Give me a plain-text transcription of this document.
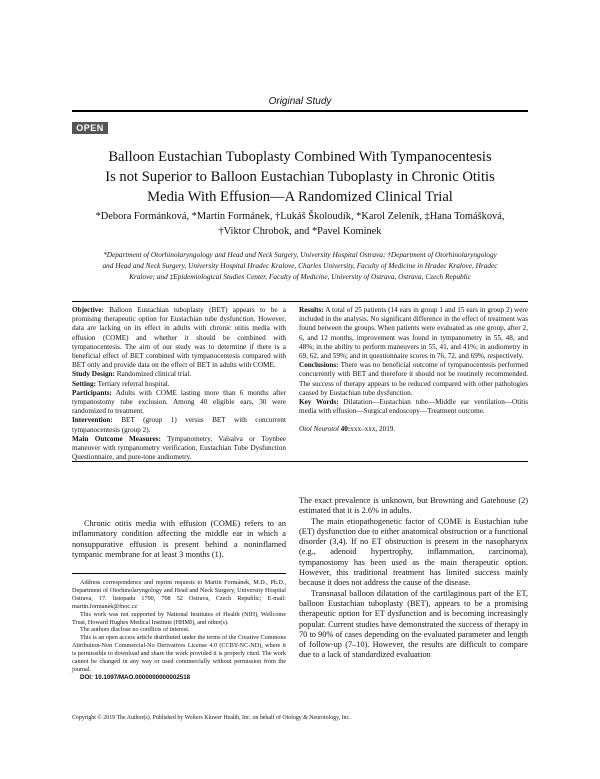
Original Study
OPEN
Balloon Eustachian Tuboplasty Combined With Tympanocentesis
Is not Superior to Balloon Eustachian Tuboplasty in Chronic Otitis
Media With Effusion—A Randomized Clinical Trial
*Debora Formánková, *Martin Formánek, †Lukáš Školoudík, *Karol Zeleník, ‡Hana Tomášková,
†Viktor Chrobok, and *Pavel Komínek
*Department of Otorhinolaryngology and Head and Neck Surgery, University Hospital Ostrava; †Department of Otorhinolaryngology
and Head and Neck Surgery, University Hospital Hradec Kralove, Charles University, Faculty of Medicine in Hradec Kralove, Hradec
Kralove; and ‡Epidemiological Studies Center, Faculty of Medicine, University of Ostrava, Ostrava, Czech Republic

Objective: Balloon Eustachian tuboplasty (BET) appears to be a promising therapeutic option for Eustachian tube dysfunction. However, data are lacking on its effect in adults with chronic otitis media with effusion (COME) and whether it should be combined with tympanocentesis. The aim of our study was to determine if there is a beneficial effect of BET combined with tympanocentesis compared with BET only and provide data on the effect of BET in adults with COME.

Study Design: Randomized clinical trial.

Setting: Tertiary referral hospital.

Participants: Adults with COME lasting more than 6 months after tympanostomy tube exclusion. Among 40 eligible ears, 30 were randomized to treatment.

Intervention: BET (group 1) versus BET with concurrent tympanocentesis (group 2).

Main Outcome Measures: Tympanometry, Valsalva or Toynbee maneuver with tympanometry verification, Eustachian Tube Dysfunction Questionnaire, and pure-tone audiometry.

Results: A total of 25 patients (14 ears in group 1 and 15 ears in group 2) were included in the analysis. No significant difference in the effect of treatment was found between the groups. When patients were evaluated as one group, after 2, 6, and 12 months, improvement was found in tympanometry in 55, 48, and 48%; in the ability to perform maneuvers in 55, 41, and 41%; in audiometry in 69, 62, and 59%; and in questionnaire scores in 76, 72, and 69%, respectively.

Conclusions: There was no beneficial outcome of tympanocentesis performed concurrently with BET and therefore it should not be routinely recommended. The success of therapy appears to be reduced compared with other pathologies caused by Eustachian tube dysfunction.

Key Words: Dilatation—Eustachian tube—Middle ear ventilation—Otitis media with effusion—Surgical endoscopy—Treatment outcome.

Otol Neurotol 40:xxx–xxx, 2019.

Chronic otitis media with effusion (COME) refers to an inflammatory condition affecting the middle ear in which a nonsuppurative effusion is present behind a noninflamed tympanic membrane for at least 3 months (1).

Address correspondence and reprint requests to Martin Formánek, M.D., Ph.D., Department of Otorhinolaryngology and Head and Neck Surgery, University Hospital Ostrava, 17. listopadu 1790, 708 52 Ostrava, Czech Republic; E-mail: martin.formanek@fnoc.cz

This work was not supported by National Institutes of Health (NIH), Wellcome Trust, Howard Hughes Medical Institute (HHMI), and other(s).

The authors disclose no conflicts of interest.

This is an open access article distributed under the terms of the Creative Commons Attribution-Non Commercial-No Derivatives License 4.0 (CCBY-NC-ND), where it is permissible to download and share the work provided it is properly cited. The work cannot be changed in any way or used commercially without permission from the journal.

DOI: 10.1097/MAO.0000000000002518

The exact prevalence is unknown, but Browning and Gatehouse (2) estimated that it is 2.6% in adults.

The main etiopathogenetic factor of COME is Eustachian tube (ET) dysfunction due to either anatomical obstruction or a functional disorder (3,4). If no ET obstruction is present in the nasopharynx (e.g., adenoid hypertrophy, inflammation, carcinoma), tympanostomy has been used as the main therapeutic option. However, this traditional treatment has limited success mainly because it does not address the cause of the disease.

Transnasal balloon dilatation of the cartilaginous part of the ET, balloon Eustachian tuboplasty (BET), appears to be a promising therapeutic option for ET dysfunction and is becoming increasingly popular. Current studies have demonstrated the success of therapy in 70 to 90% of cases depending on the evaluated parameter and length of follow-up (7–10). However, the results are difficult to compare due to a lack of standardized evaluation

Copyright © 2019 The Author(s). Published by Wolters Kluwer Health, Inc. on behalf of Otology & Neurotology, Inc.
